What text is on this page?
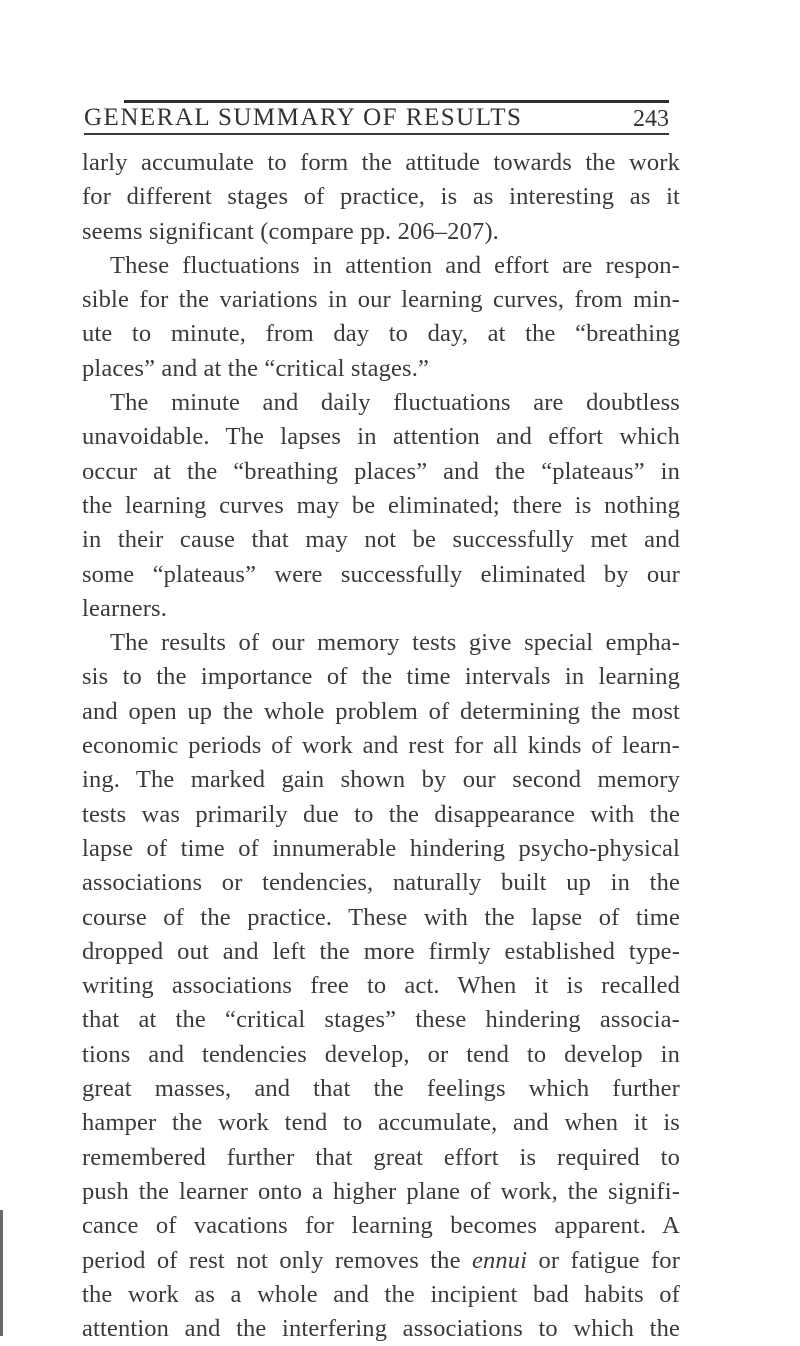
GENERAL SUMMARY OF RESULTS	243
larly accumulate to form the attitude towards the work
for different stages of practice, is as interesting as it
seems significant (compare pp. 206–207).
These fluctuations in attention and effort are respon-
sible for the variations in our learning curves, from min-
ute to minute, from day to day, at the “breathing
places” and at the “critical stages.”
The minute and daily fluctuations are doubtless
unavoidable. The lapses in attention and effort which
occur at the “breathing places” and the “plateaus” in
the learning curves may be eliminated; there is nothing
in their cause that may not be successfully met and
some “plateaus” were successfully eliminated by our
learners.
The results of our memory tests give special empha-
sis to the importance of the time intervals in learning
and open up the whole problem of determining the most
economic periods of work and rest for all kinds of learn-
ing. The marked gain shown by our second memory
tests was primarily due to the disappearance with the
lapse of time of innumerable hindering psycho-physical
associations or tendencies, naturally built up in the
course of the practice. These with the lapse of time
dropped out and left the more firmly established type-
writing associations free to act. When it is recalled
that at the “critical stages” these hindering associa-
tions and tendencies develop, or tend to develop in
great masses, and that the feelings which further
hamper the work tend to accumulate, and when it is
remembered further that great effort is required to
push the learner onto a higher plane of work, the signifi-
cance of vacations for learning becomes apparent. A
period of rest not only removes the ennui or fatigue for
the work as a whole and the incipient bad habits of
attention and the interfering associations to which the
